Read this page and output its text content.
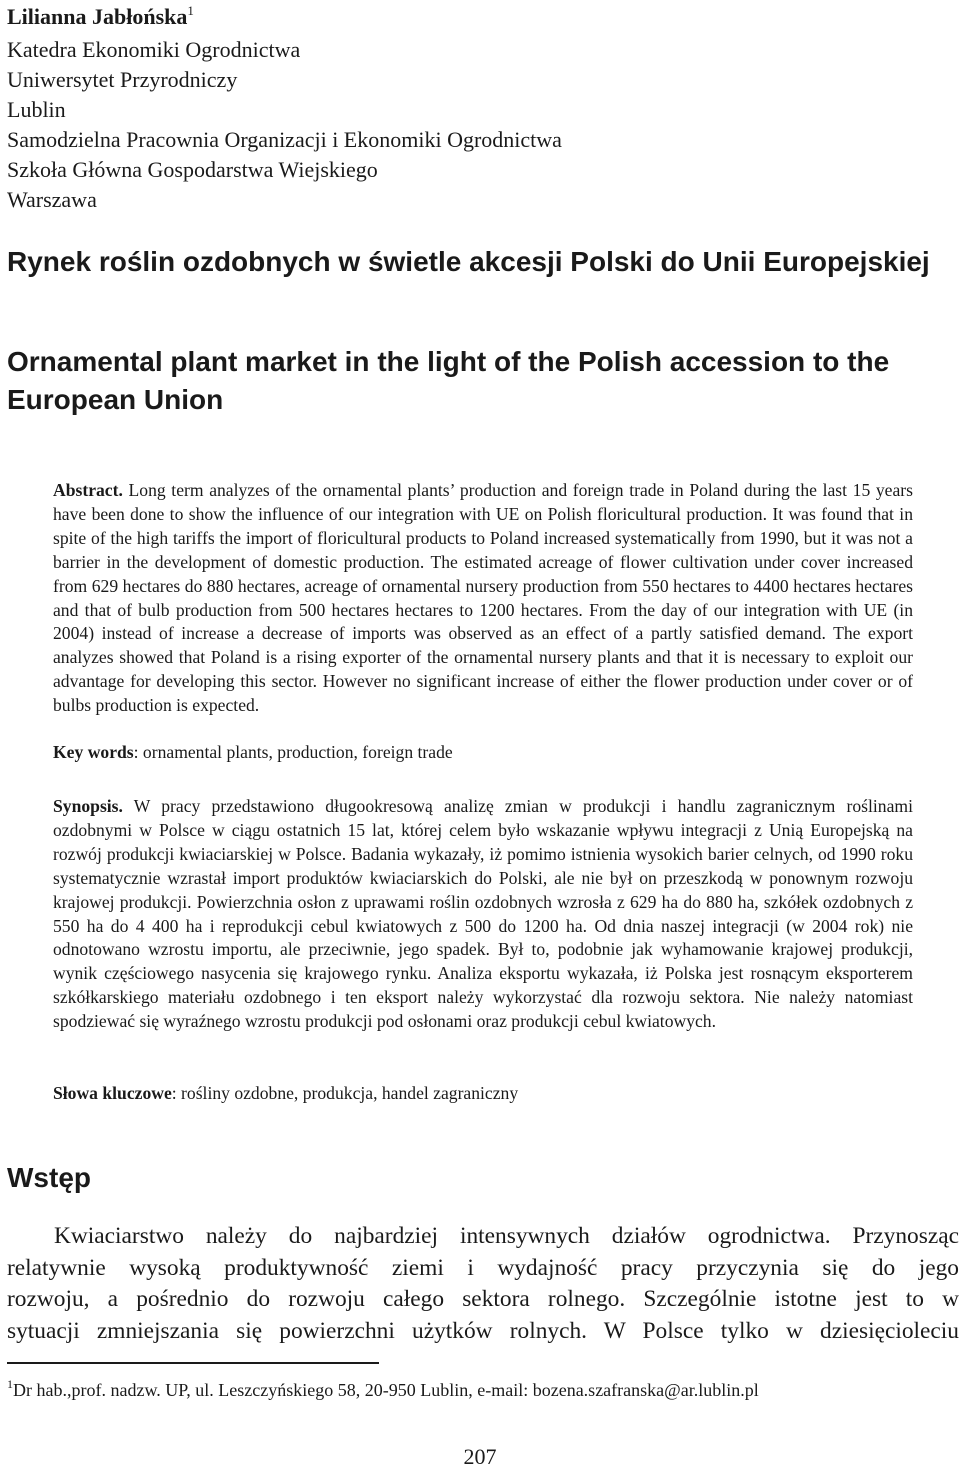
Lilianna Jabłońska$^1$
Katedra Ekonomiki Ogrodnictwa
Uniwersytet Przyrodniczy
Lublin
Samodzielna Pracownia Organizacji i Ekonomiki Ogrodnictwa
Szkoła Główna Gospodarstwa Wiejskiego
Warszawa
Rynek roślin ozdobnych w świetle akcesji Polski do Unii Europejskiej
Ornamental plant market in the light of the Polish accession to the European Union
Abstract. Long term analyzes of the ornamental plants’ production and foreign trade in Poland during the last 15 years have been done to show the influence of our integration with UE on Polish floricultural production. It was found that in spite of the high tariffs the import of floricultural products to Poland increased systematically from 1990, but it was not a barrier in the development of domestic production. The estimated acreage of flower cultivation under cover increased from 629 hectares do 880 hectares, acreage of ornamental nursery production from 550 hectares to 4400 hectares hectares and that of bulb production from 500 hectares hectares to 1200 hectares. From the day of our integration with UE (in 2004) instead of increase a decrease of imports was observed as an effect of a partly satisfied demand. The export analyzes showed that Poland is a rising exporter of the ornamental nursery plants and that it is necessary to exploit our advantage for developing this sector. However no significant increase of either the flower production under cover or of bulbs production is expected.
Key words: ornamental plants, production, foreign trade
Synopsis. W pracy przedstawiono długookresową analizę zmian w produkcji i handlu zagranicznym roślinami ozdobnymi w Polsce w ciągu ostatnich 15 lat, której celem było wskazanie wpływu integracji z Unią Europejską na rozwój produkcji kwiaciarskiej w Polsce. Badania wykazały, iż pomimo istnienia wysokich barier celnych, od 1990 roku systematycznie wzrastał import produktów kwiaciarskich do Polski, ale nie był on przeszkodą w ponownym rozwoju krajowej produkcji. Powierzchnia osłon z uprawami roślin ozdobnych wzrosła z 629 ha do 880 ha, szkółek ozdobnych z 550 ha do 4 400 ha i reprodukcji cebul kwiatowych z 500 do 1200 ha. Od dnia naszej integracji (w 2004 rok) nie odnotowano wzrostu importu, ale przeciwnie, jego spadek. Był to, podobnie jak wyhamowanie krajowej produkcji, wynik częściowego nasycenia się krajowego rynku. Analiza eksportu wykazała, iż Polska jest rosnącym eksporterem szkółkarskiego materiału ozdobnego i ten eksport należy wykorzystać dla rozwoju sektora. Nie należy natomiast spodziewać się wyraźnego wzrostu produkcji pod osłonami oraz produkcji cebul kwiatowych.
Słowa kluczowe: rośliny ozdobne, produkcja, handel zagraniczny
Wstęp
Kwiaciarstwo należy do najbardziej intensywnych działów ogrodnictwa. Przynosząc
relatywnie wysoką produktywność ziemi i wydajność pracy przyczynia się do jego
rozwoju, a pośrednio do rozwoju całego sektora rolnego. Szczególnie istotne jest to w
sytuacji zmniejszania się powierzchni użytków rolnych. W Polsce tylko w dziesięcioleciu
$^1$Dr hab.,prof. nadzw. UP, ul. Leszczyńskiego 58, 20-950 Lublin, e-mail: bozena.szafranska@ar.lublin.pl
207
